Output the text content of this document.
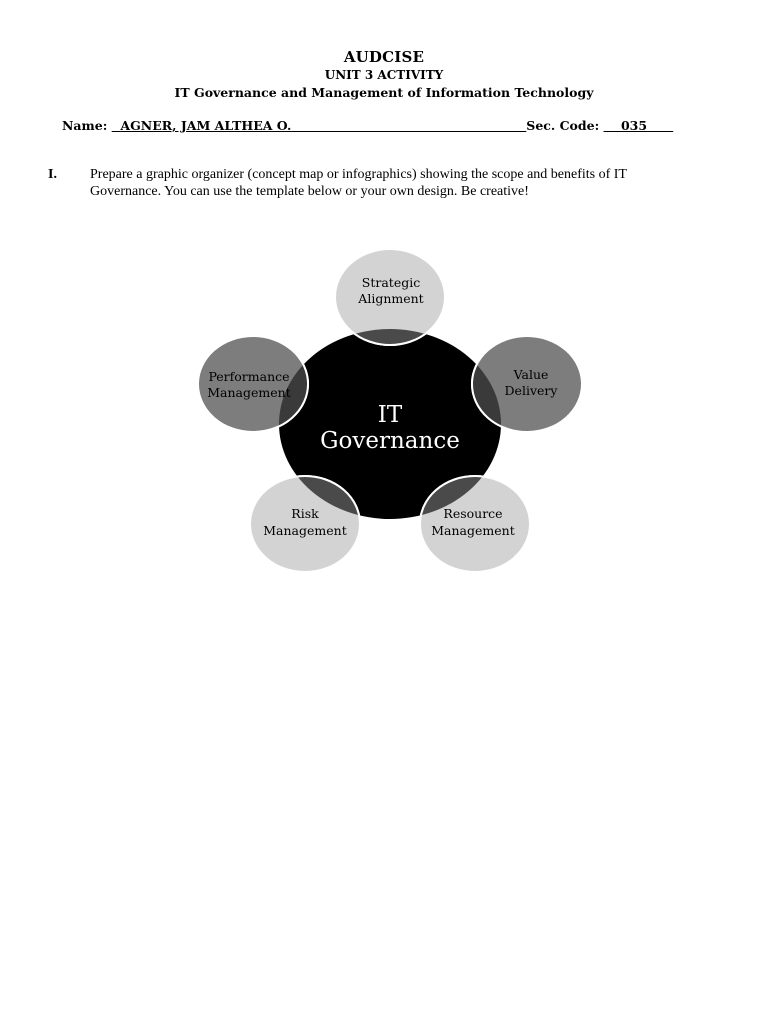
AUDCISE
UNIT 3 ACTIVITY
IT Governance and Management of Information Technology
Name: AGNER, JAM ALTHEA O.	Sec. Code: 035
I. Prepare a graphic organizer (concept map or infographics) showing the scope and benefits of IT Governance. You can use the template below or your own design. Be creative!
Strategic
Alignment
Value
Delivery
Resource
Management
Risk
Management
Performance
Management
IT
Governance
